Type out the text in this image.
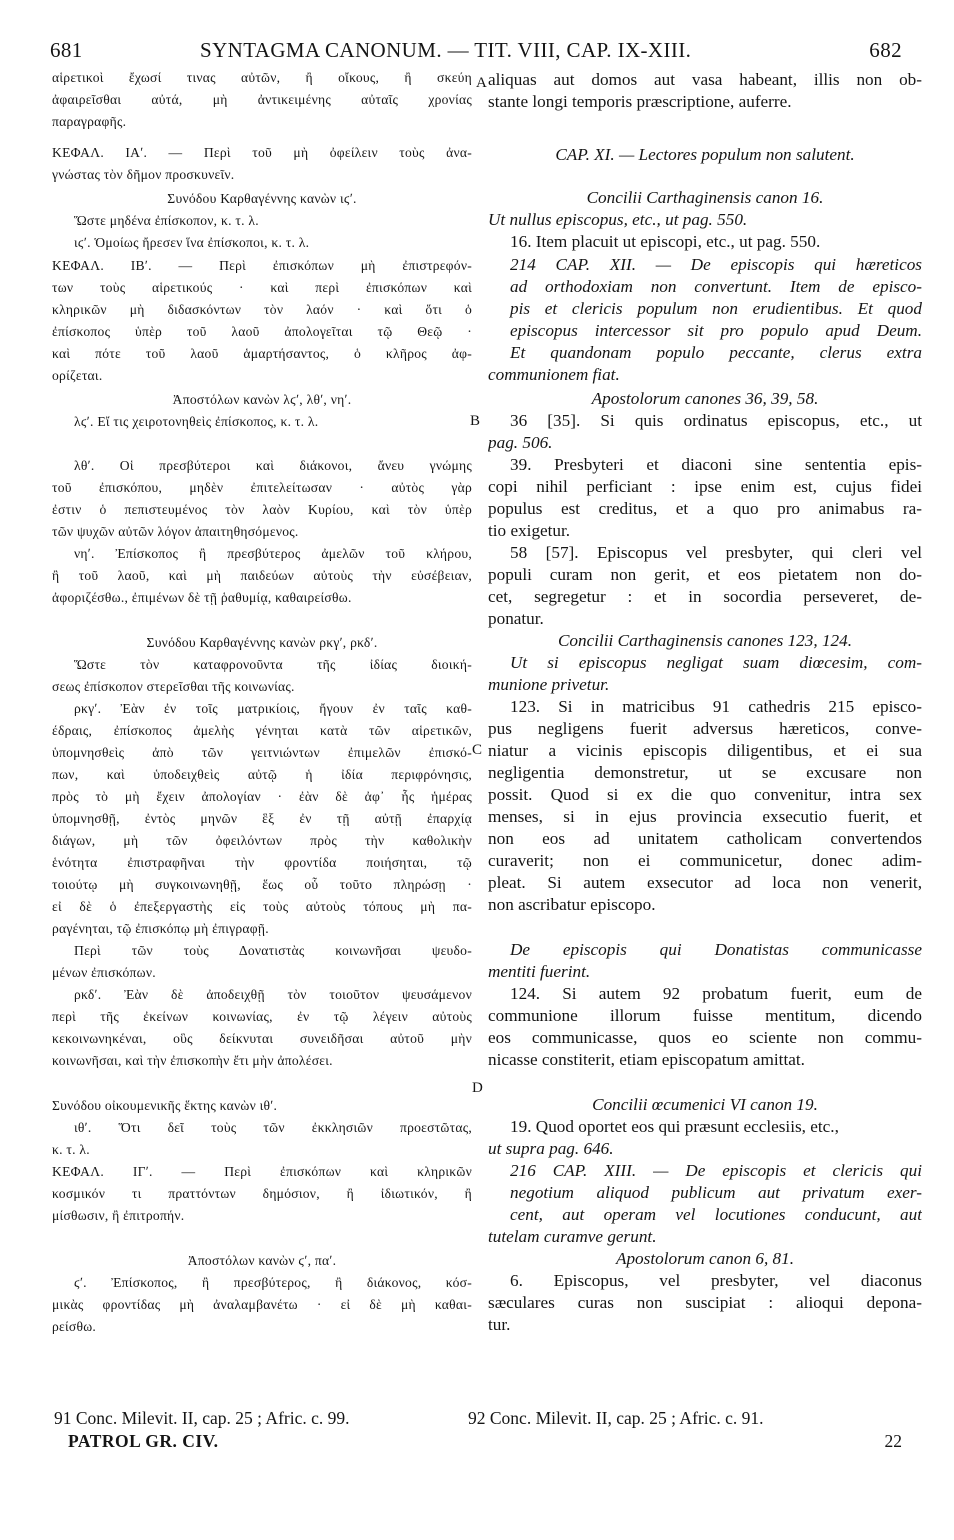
681	SYNTAGMA CANONUM. — TIT. VIII, CAP. IX-XIII.	682
αἱρετικοὶ ἔχωσί τινας αὐτῶν, ἢ οἴκους, ἢ σκεύη
ἀφαιρεῖσθαι αὐτά, μὴ ἀντικειμένης αὐταῖς χρονίας
παραγραφῆς.
ΚΕΦΑΛ. ΙΑʹ. — Περὶ τοῦ μὴ ὀφείλειν τοὺς ἀνα-
γνώστας τὸν δῆμον προσκυνεῖν.
Συνόδου Καρθαγέννης κανὼν ιϛʹ.
Ὥστε μηδένα ἐπίσκοπον, κ. τ. λ.
ιϛʹ. Ὁμοίως ἤρεσεν ἵνα ἐπίσκοποι, κ. τ. λ.
ΚΕΦΑΛ. ΙΒʹ. — Περὶ ἐπισκόπων μὴ ἐπιστρεφόν-
των τοὺς αἱρετικούς · καὶ περὶ ἐπισκόπων καὶ
κληρικῶν μὴ διδασκόντων τὸν λαόν · καὶ ὅτι ὁ
ἐπίσκοπος ὑπὲρ τοῦ λαοῦ ἀπολογεῖται τῷ Θεῷ ·
καὶ πότε τοῦ λαοῦ ἁμαρτήσαντος, ὁ κλῆρος ἀφ-
ορίζεται.
Ἀποστόλων κανὼν λϛʹ, λθʹ, νηʹ.
λϛʹ. Εἴ τις χειροτονηθεὶς ἐπίσκοπος, κ. τ. λ.
λθʹ. Οἱ πρεσβύτεροι καὶ διάκονοι, ἄνευ γνώμης
τοῦ ἐπισκόπου, μηδὲν ἐπιτελείτωσαν · αὐτὸς γὰρ
ἐστιν ὁ πεπιστευμένος τὸν λαὸν Κυρίου, καὶ τὸν ὑπὲρ
τῶν ψυχῶν αὐτῶν λόγον ἀπαιτηθησόμενος.
νηʹ. Ἐπίσκοπος ἢ πρεσβύτερος ἀμελῶν τοῦ κλήρου,
ἢ τοῦ λαοῦ, καὶ μὴ παιδεύων αὐτοὺς τὴν εὐσέβειαν,
ἀφοριζέσθω., ἐπιμένων δὲ τῇ ῥαθυμίᾳ, καθαιρείσθω.
Συνόδου Καρθαγέννης κανὼν ρκγʹ, ρκδʹ.
Ὥστε τὸν καταφρονοῦντα τῆς ἰδίας διοική-
σεως ἐπίσκοπον στερεῖσθαι τῆς κοινωνίας.
ρκγʹ. Ἐὰν ἐν τοῖς ματρικίοις, ἤγουν ἐν ταῖς καθ-
έδραις, ἐπίσκοπος ἀμελὴς γένηται κατὰ τῶν αἱρετικῶν,
ὑπομνησθεὶς ἀπὸ τῶν γειτνιώντων ἐπιμελῶν ἐπισκό-
πων, καὶ ὑποδειχθεὶς αὐτῷ ἡ ἰδία περιφρόνησις,
πρὸς τὸ μὴ ἔχειν ἀπολογίαν · ἐὰν δὲ ἀφ᾽ ἧς ἡμέρας
ὑπομνησθῇ, ἐντὸς μηνῶν ἓξ ἐν τῇ αὐτῇ ἐπαρχίᾳ
διάγων, μὴ τῶν ὀφειλόντων πρὸς τὴν καθολικὴν
ἑνότητα ἐπιστραφῆναι τὴν φροντίδα ποιήσηται, τῷ
τοιούτῳ μὴ συγκοινωνηθῇ, ἕως οὗ τοῦτο πληρώσῃ ·
εἰ δὲ ὁ ἐπεξεργαστὴς εἰς τοὺς αὐτοὺς τόπους μὴ πα-
ραγένηται, τῷ ἐπισκόπῳ μὴ ἐπιγραφῇ.
Περὶ τῶν τοὺς Δονατιστὰς κοινωνῆσαι ψευδο-
μένων ἐπισκόπων.
ρκδʹ. Ἐὰν δὲ ἀποδειχθῇ τὸν τοιοῦτον ψευσάμενον
περὶ τῆς ἐκείνων κοινωνίας, ἐν τῷ λέγειν αὐτοὺς
κεκοινωνηκέναι, οὓς δείκνυται συνειδῆσαι αὐτοῦ μὴν
κοινωνῆσαι, καὶ τὴν ἐπισκοπὴν ἔτι μὴν ἀπολέσει.
Συνόδου οἰκουμενικῆς ἕκτης κανὼν ιθʹ.
ιθʹ. Ὅτι δεῖ τοὺς τῶν ἐκκλησιῶν προεστῶτας,
κ. τ. λ.
ΚΕΦΑΛ. ΙΓʹ. — Περὶ ἐπισκόπων καὶ κληρικῶν
κοσμικόν τι πραττόντων δημόσιον, ἢ ἰδιωτικόν, ἢ
μίσθωσιν, ἢ ἐπιτροπήν.
Ἀποστόλων κανὼν ϛʹ, παʹ.
ϛʹ. Ἐπίσκοπος, ἢ πρεσβύτερος, ἢ διάκονος, κόσ-
μικὰς φροντίδας μὴ ἀναλαμβανέτω · εἰ δὲ μὴ καθαι-
ρείσθω.
aliquas aut domos aut vasa habeant, illis non ob-
stante longi temporis præscriptione, auferre.
CAP. XI. — Lectores populum non salutent.
Concilii Carthaginensis canon 16.
Ut nullus episcopus, etc., ut pag. 550.
16. Item placuit ut episcopi, etc., ut pag. 550.
214 CAP. XII. — De episcopis qui hæreticos
ad orthodoxiam non convertunt. Item de episco-
pis et clericis populum non erudientibus. Et quod
episcopus intercessor sit pro populo apud Deum.
Et quandonam populo peccante, clerus extra
communionem fiat.
Apostolorum canones 36, 39, 58.
36 [35]. Si quis ordinatus episcopus, etc., ut
pag. 506.
39. Presbyteri et diaconi sine sententia epis-
copi nihil perficiant : ipse enim est, cujus fidei
populus est creditus, et a quo pro animabus ra-
tio exigetur.
58 [57]. Episcopus vel presbyter, qui cleri vel
populi curam non gerit, et eos pietatem non do-
cet, segregetur : et in socordia perseveret, de-
ponatur.
Concilii Carthaginensis canones 123, 124.
Ut si episcopus negligat suam diœcesim, com-
munione privetur.
123. Si in matricibus 91 cathedris 215 episco-
pus negligens fuerit adversus hæreticos, conve-
niatur a vicinis episcopis diligentibus, et ei sua
negligentia demonstretur, ut se excusare non
possit. Quod si ex die quo convenitur, intra sex
menses, si in ejus provincia exsecutio fuerit, et
non eos ad unitatem catholicam convertendos
curaverit; non ei communicetur, donec adim-
pleat. Si autem exsecutor ad loca non venerit,
non ascribatur episcopo.
De episcopis qui Donatistas communicasse
mentiti fuerint.
124. Si autem 92 probatum fuerit, eum de
communione illorum fuisse mentitum, dicendo
eos communicasse, quos eo sciente non commu-
nicasse constiterit, etiam episcopatum amittat.
Concilii œcumenici VI canon 19.
19. Quod oportet eos qui præsunt ecclesiis, etc.,
ut supra pag. 646.
216 CAP. XIII. — De episcopis et clericis qui
negotium aliquod publicum aut privatum exer-
cent, aut operam vel locutiones conducunt, aut
tutelam curamve gerunt.
Apostolorum canon 6, 81.
6. Episcopus, vel presbyter, vel diaconus
sæculares curas non suscipiat : alioqui depona-
tur.
A
B
C
D
91 Conc. Milevit. II, cap. 25 ; Afric. c. 99.	92 Conc. Milevit. II, cap. 25 ; Afric. c. 91.
PATROL GR. CIV.	22
